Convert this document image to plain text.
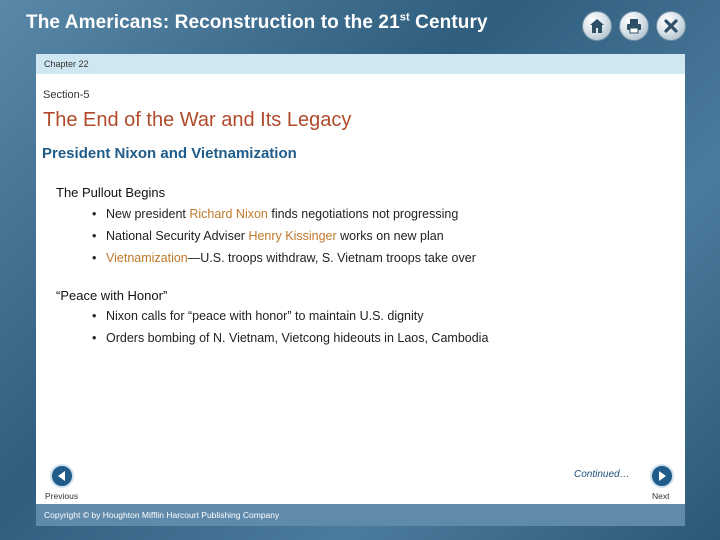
The Americans: Reconstruction to the 21st Century
Chapter 22
Section-5
The End of the War and Its Legacy
President Nixon and Vietnamization
The Pullout Begins
• New president Richard Nixon finds negotiations not progressing
• National Security Adviser Henry Kissinger works on new plan
• Vietnamization—U.S. troops withdraw, S. Vietnam troops take over
“Peace with Honor”
• Nixon calls for “peace with honor” to maintain U.S. dignity
• Orders bombing of N. Vietnam, Vietcong hideouts in Laos, Cambodia
Continued…
Previous	Next
Copyright © by Houghton Mifflin Harcourt Publishing Company
